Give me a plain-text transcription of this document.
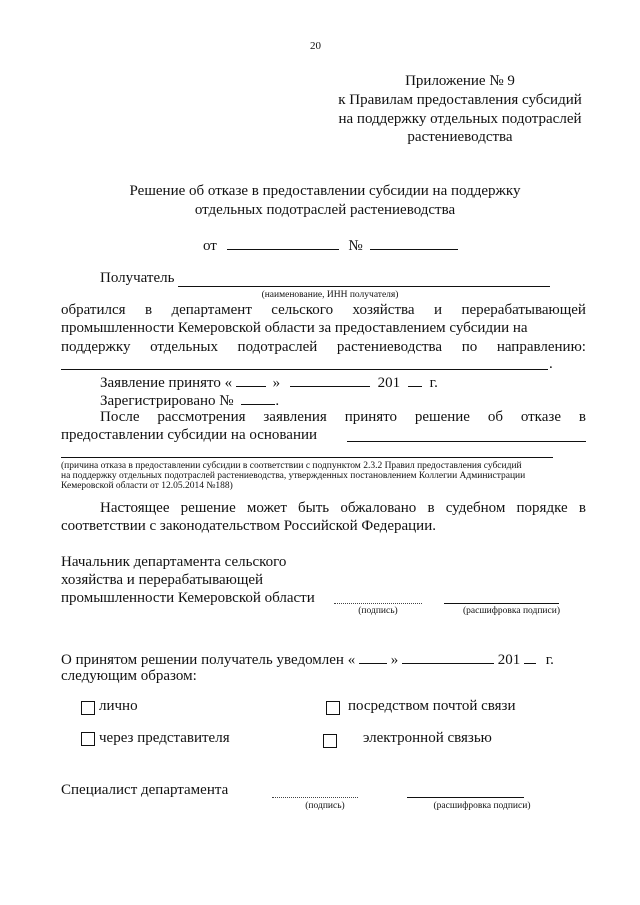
20
Приложение № 9
к Правилам предоставления субсидий
на поддержку отдельных подотраслей
растениеводства
Решение об отказе в предоставлении субсидии на поддержку
отдельных подотраслей растениеводства
от	№
Получатель
(наименование, ИНН получателя)
обратился в департамент сельского хозяйства и перерабатывающей
промышленности Кемеровской области за предоставлением субсидии на
поддержку отдельных подотраслей растениеводства по направлению:
.
Заявление принято «	»	201 г.
Зарегистрировано №	.
После рассмотрения заявления принято решение об отказе в
предоставлении субсидии на основании
(причина отказа в предоставлении субсидии в соответствии с подпунктом 2.3.2 Правил предоставления субсидий
на поддержку отдельных подотраслей растениеводства, утвержденных постановлением Коллегии Администрации
Кемеровской области от 12.05.2014 №188)
Настоящее решение может быть обжаловано в судебном порядке в
соответствии с законодательством Российской Федерации.
Начальник департамента сельского
хозяйства и перерабатывающей
промышленности Кемеровской области
(подпись)	(расшифровка подписи)
О принятом решении получатель уведомлен « »	201 г.
следующим образом:
лично	посредством почтой связи
через представителя	электронной связью
Специалист департамента
(подпись)	(расшифровка подписи)
